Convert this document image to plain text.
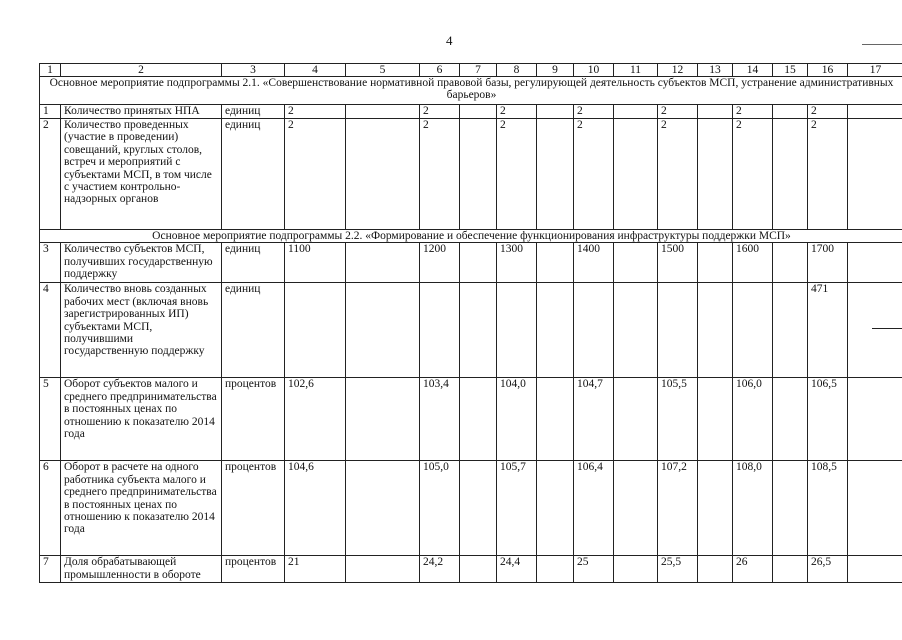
4
1	2	3	4	5	6	7	8	9	10	11	12	13	14	15	16	17
Основное мероприятие подпрограммы 2.1. «Совершенствование нормативной правовой базы, регулирующей деятельность субъектов МСП, устранение административных барьеров»																
1	Количество принятых НПА	единиц	2		2		2		2		2		2		2	
2	Количество проведенных (участие в проведении) совещаний, круглых столов, встреч и мероприятий с субъектами МСП, в том числе с участием контрольно-надзорных органов	единиц	2		2		2		2		2		2		2	
Основное мероприятие подпрограммы 2.2. «Формирование и обеспечение функционирования инфраструктуры поддержки МСП»																
3	Количество субъектов МСП, получивших государственную поддержку	единиц	1100		1200		1300		1400		1500		1600		1700	
4	Количество вновь созданных рабочих мест (включая вновь зарегистрированных ИП) субъектами МСП, получившими государственную поддержку	единиц													471	
5	Оборот субъектов малого и среднего предпринимательства в постоянных ценах по отношению к показателю 2014 года	процентов	102,6		103,4		104,0		104,7		105,5		106,0		106,5	
6	Оборот в расчете на одного работника субъекта малого и среднего предпринимательства в постоянных ценах по отношению к показателю 2014 года	процентов	104,6		105,0		105,7		106,4		107,2		108,0		108,5	
7	Доля обрабатывающей промышленности в обороте	процентов	21		24,2		24,4		25		25,5		26		26,5	
